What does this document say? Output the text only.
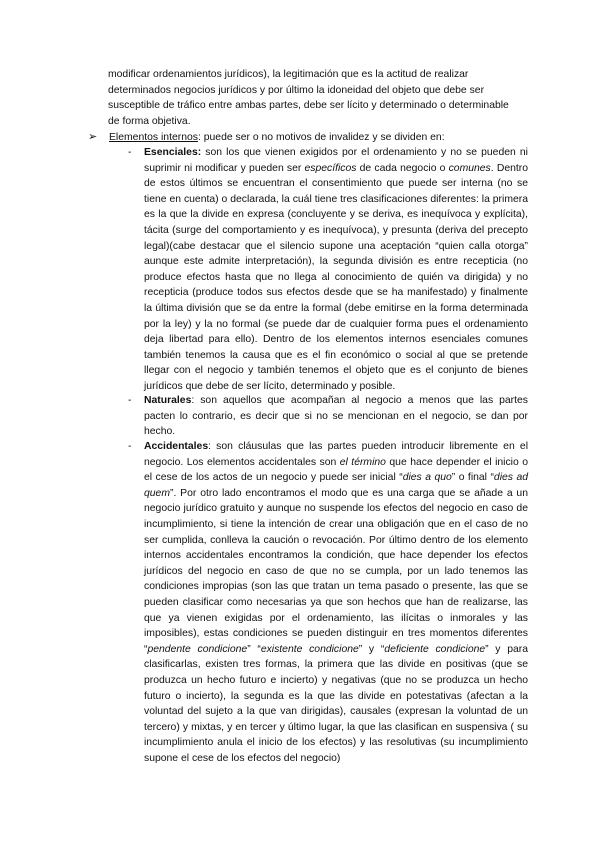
modificar ordenamientos jurídicos), la legitimación que es la actitud de realizar determinados negocios jurídicos y por último la idoneidad del objeto que debe ser susceptible de tráfico entre ambas partes, debe ser lícito y determinado o determinable de forma objetiva.

➢ Elementos internos: puede ser o no motivos de invalidez y se dividen en:
- Esenciales: son los que vienen exigidos por el ordenamiento y no se pueden ni suprimir ni modificar y pueden ser específicos de cada negocio o comunes. Dentro de estos últimos se encuentran el consentimiento que puede ser interna (no se tiene en cuenta) o declarada, la cuál tiene tres clasificaciones diferentes: la primera es la que la divide en expresa (concluyente y se deriva, es inequívoca y explícita), tácita (surge del comportamiento y es inequívoca), y presunta (deriva del precepto legal)(cabe destacar que el silencio supone una aceptación “quien calla otorga” aunque este admite interpretación), la segunda división es entre recepticia (no produce efectos hasta que no llega al conocimiento de quién va dirigida) y no recepticia (produce todos sus efectos desde que se ha manifestado) y finalmente la última división que se da entre la formal (debe emitirse en la forma determinada por la ley) y la no formal (se puede dar de cualquier forma pues el ordenamiento deja libertad para ello). Dentro de los elementos internos esenciales comunes también tenemos la causa que es el fin económico o social al que se pretende llegar con el negocio y también tenemos el objeto que es el conjunto de bienes jurídicos que debe de ser lícito, determinado y posible.
- Naturales: son aquellos que acompañan al negocio a menos que las partes pacten lo contrario, es decir que si no se mencionan en el negocio, se dan por hecho.
- Accidentales: son cláusulas que las partes pueden introducir libremente en el negocio. Los elementos accidentales son el término que hace depender el inicio o el cese de los actos de un negocio y puede ser inicial “dies a quo” o final “dies ad quem”. Por otro lado encontramos el modo que es una carga que se añade a un negocio jurídico gratuito y aunque no suspende los efectos del negocio en caso de incumplimiento, si tiene la intención de crear una obligación que en el caso de no ser cumplida, conlleva la caución o revocación. Por último dentro de los elemento internos accidentales encontramos la condición, que hace depender los efectos jurídicos del negocio en caso de que no se cumpla, por un lado tenemos las condiciones impropias (son las que tratan un tema pasado o presente, las que se pueden clasificar como necesarias ya que son hechos que han de realizarse, las que ya vienen exigidas por el ordenamiento, las ilícitas o inmorales y las imposibles), estas condiciones se pueden distinguir en tres momentos diferentes “pendente condicione” “existente condicione” y “deficiente condicione” y para clasificarlas, existen tres formas, la primera que las divide en positivas (que se produzca un hecho futuro e incierto) y negativas (que no se produzca un hecho futuro o incierto), la segunda es la que las divide en potestativas (afectan a la voluntad del sujeto a la que van dirigidas), causales (expresan la voluntad de un tercero) y mixtas, y en tercer y último lugar, la que las clasifican en suspensiva ( su incumplimiento anula el inicio de los efectos) y las resolutivas (su incumplimiento supone el cese de los efectos del negocio)
